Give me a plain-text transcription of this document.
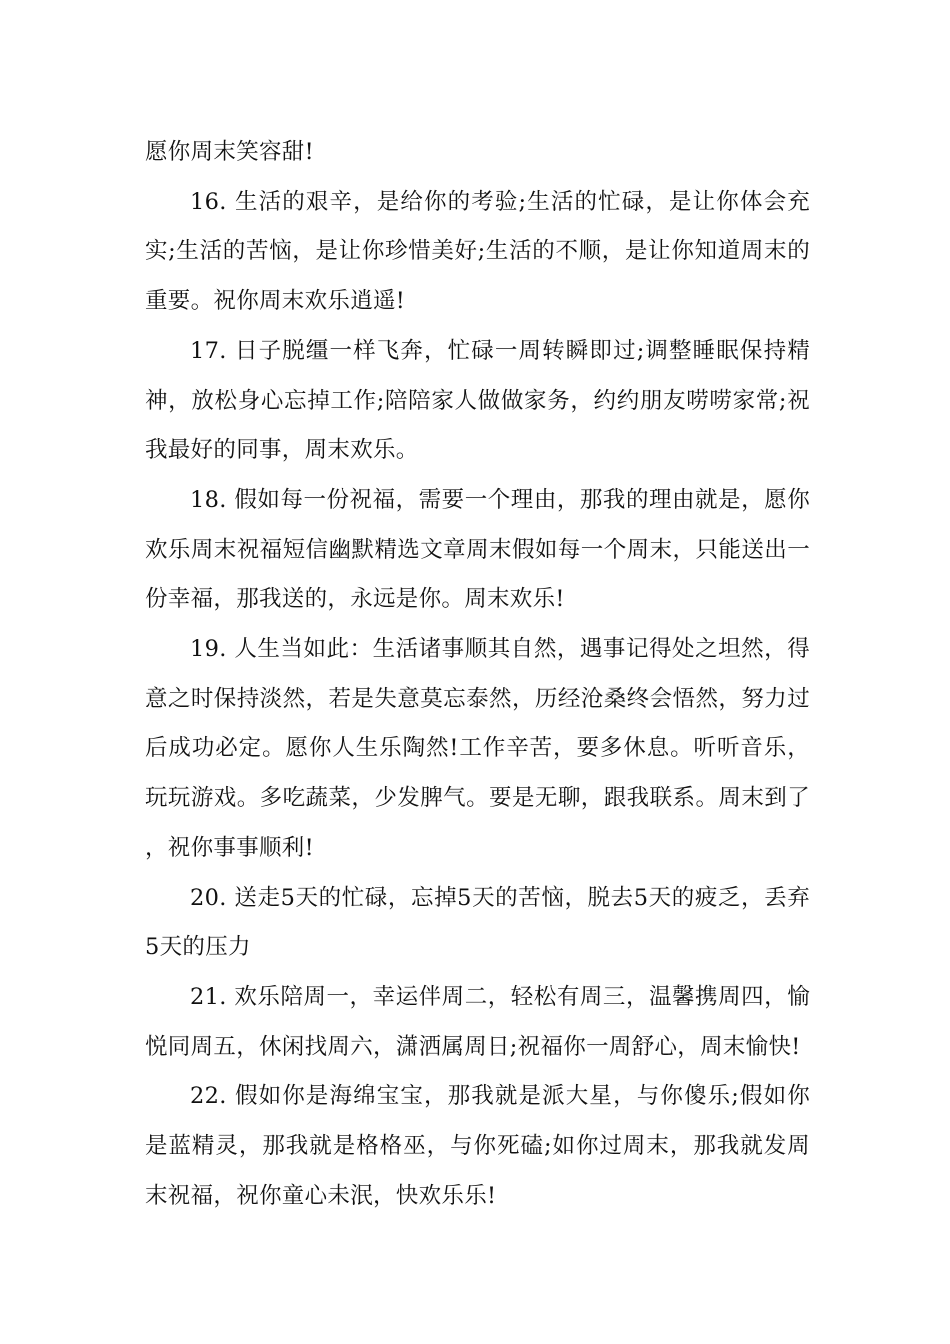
愿你周末笑容甜!

16. 生活的艰辛，是给你的考验;生活的忙碌，是让你体会充实;生活的苦恼，是让你珍惜美好;生活的不顺，是让你知道周末的重要。祝你周末欢乐逍遥!

17. 日子脱缰一样飞奔，忙碌一周转瞬即过;调整睡眠保持精神，放松身心忘掉工作;陪陪家人做做家务，约约朋友唠唠家常;祝我最好的同事，周末欢乐。

18. 假如每一份祝福，需要一个理由，那我的理由就是，愿你欢乐周末祝福短信幽默精选文章周末假如每一个周末，只能送出一份幸福，那我送的，永远是你。周末欢乐!

19. 人生当如此：生活诸事顺其自然，遇事记得处之坦然，得意之时保持淡然，若是失意莫忘泰然，历经沧桑终会悟然，努力过后成功必定。愿你人生乐陶然!工作辛苦，要多休息。听听音乐，玩玩游戏。多吃蔬菜，少发脾气。要是无聊，跟我联系。周末到了，祝你事事顺利!

20. 送走5天的忙碌，忘掉5天的苦恼，脱去5天的疲乏，丢弃5天的压力

21. 欢乐陪周一，幸运伴周二，轻松有周三，温馨携周四，愉悦同周五，休闲找周六，潇洒属周日;祝福你一周舒心，周末愉快!

22. 假如你是海绵宝宝，那我就是派大星，与你傻乐;假如你是蓝精灵，那我就是格格巫，与你死磕;如你过周末，那我就发周末祝福，祝你童心未泯，快欢乐乐!
